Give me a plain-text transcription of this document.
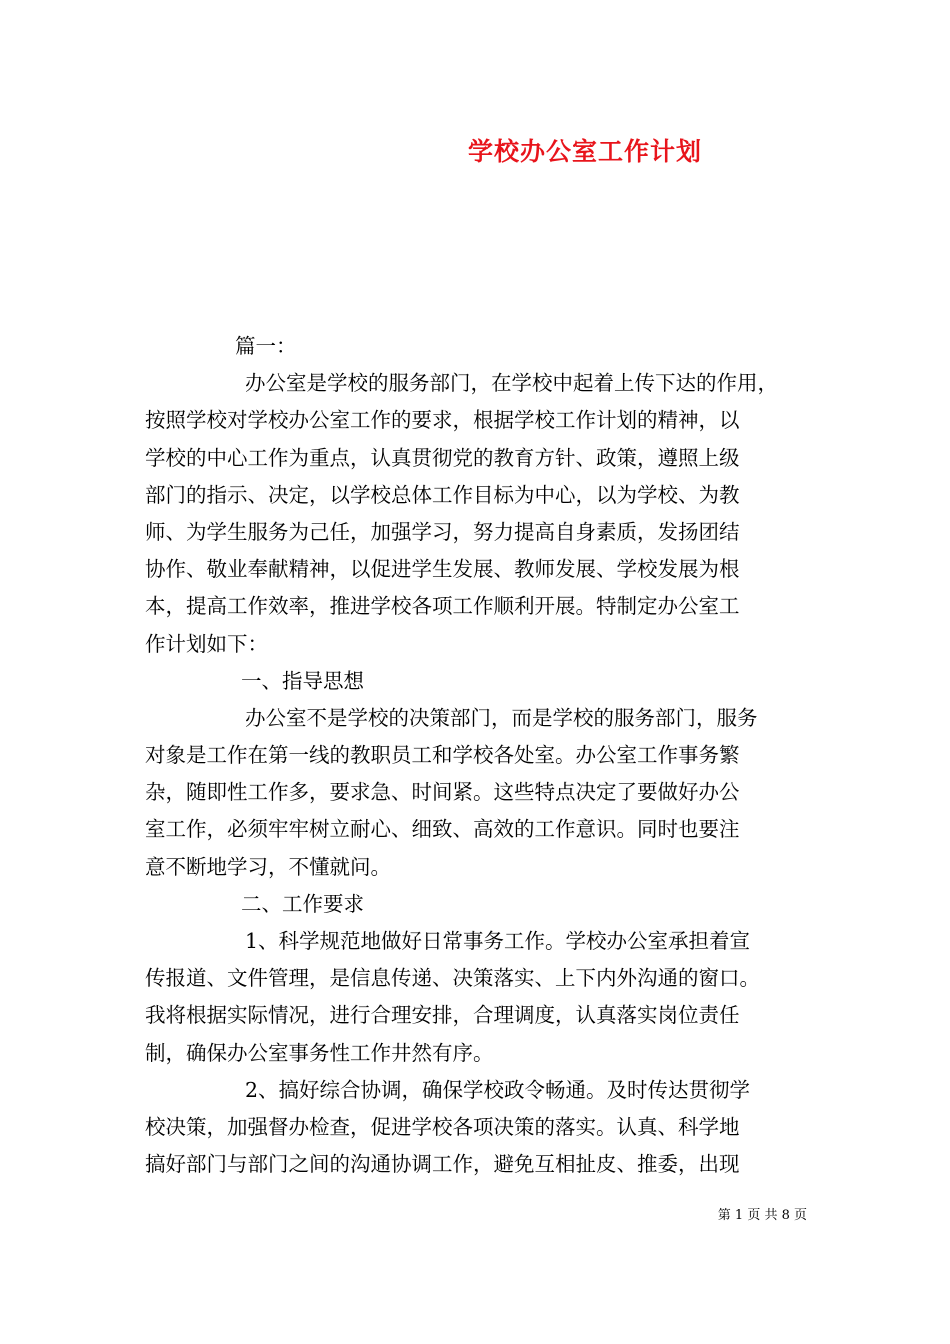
学校办公室工作计划
篇一：
办公室是学校的服务部门，在学校中起着上传下达的作用，
按照学校对学校办公室工作的要求，根据学校工作计划的精神，以
学校的中心工作为重点，认真贯彻党的教育方针、政策，遵照上级
部门的指示、决定，以学校总体工作目标为中心，以为学校、为教
师、为学生服务为己任，加强学习，努力提高自身素质，发扬团结
协作、敬业奉献精神，以促进学生发展、教师发展、学校发展为根
本，提高工作效率，推进学校各项工作顺利开展。特制定办公室工
作计划如下：
一、指导思想
办公室不是学校的决策部门，而是学校的服务部门，服务
对象是工作在第一线的教职员工和学校各处室。办公室工作事务繁
杂，随即性工作多，要求急、时间紧。这些特点决定了要做好办公
室工作，必须牢牢树立耐心、细致、高效的工作意识。同时也要注
意不断地学习，不懂就问。
二、工作要求
1、科学规范地做好日常事务工作。学校办公室承担着宣
传报道、文件管理，是信息传递、决策落实、上下内外沟通的窗口。
我将根据实际情况，进行合理安排，合理调度，认真落实岗位责任
制，确保办公室事务性工作井然有序。
2、搞好综合协调，确保学校政令畅通。及时传达贯彻学
校决策，加强督办检查，促进学校各项决策的落实。认真、科学地
搞好部门与部门之间的沟通协调工作，避免互相扯皮、推委，出现
第 1 页 共 8 页
